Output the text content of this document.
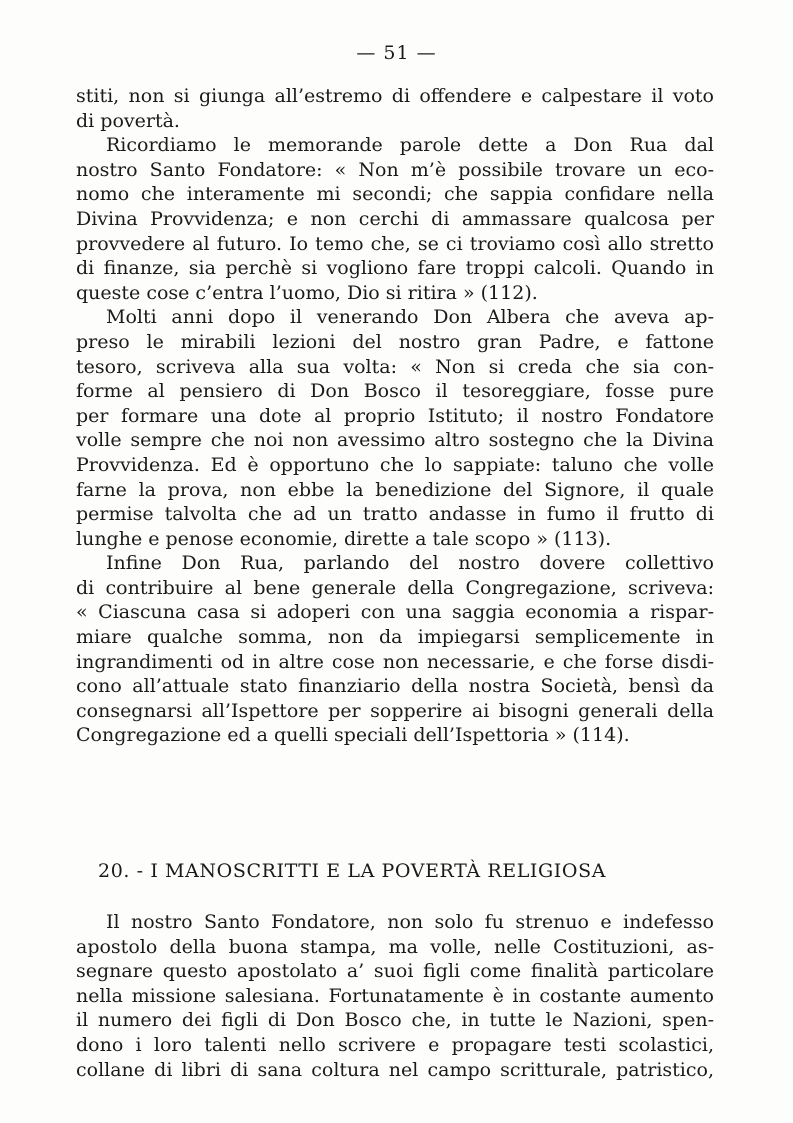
— 51 —
stiti, non si giunga all’estremo di offendere e calpestare il voto
di povertà.
Ricordiamo le memorande parole dette a Don Rua dal
nostro Santo Fondatore: « Non m’è possibile trovare un eco-
nomo che interamente mi secondi; che sappia confidare nella
Divina Provvidenza; e non cerchi di ammassare qualcosa per
provvedere al futuro. Io temo che, se ci troviamo così allo stretto
di finanze, sia perchè si vogliono fare troppi calcoli. Quando in
queste cose c’entra l’uomo, Dio si ritira » (112).
Molti anni dopo il venerando Don Albera che aveva ap-
preso le mirabili lezioni del nostro gran Padre, e fattone
tesoro, scriveva alla sua volta: « Non si creda che sia con-
forme al pensiero di Don Bosco il tesoreggiare, fosse pure
per formare una dote al proprio Istituto; il nostro Fondatore
volle sempre che noi non avessimo altro sostegno che la Divina
Provvidenza. Ed è opportuno che lo sappiate: taluno che volle
farne la prova, non ebbe la benedizione del Signore, il quale
permise talvolta che ad un tratto andasse in fumo il frutto di
lunghe e penose economie, dirette a tale scopo » (113).
Infine Don Rua, parlando del nostro dovere collettivo
di contribuire al bene generale della Congregazione, scriveva:
« Ciascuna casa si adoperi con una saggia economia a rispar-
miare qualche somma, non da impiegarsi semplicemente in
ingrandimenti od in altre cose non necessarie, e che forse disdi-
cono all’attuale stato finanziario della nostra Società, bensì da
consegnarsi all’Ispettore per sopperire ai bisogni generali della
Congregazione ed a quelli speciali dell’Ispettoria » (114).
20. - I MANOSCRITTI E LA POVERTÀ RELIGIOSA
Il nostro Santo Fondatore, non solo fu strenuo e indefesso
apostolo della buona stampa, ma volle, nelle Costituzioni, as-
segnare questo apostolato a’ suoi figli come finalità particolare
nella missione salesiana. Fortunatamente è in costante aumento
il numero dei figli di Don Bosco che, in tutte le Nazioni, spen-
dono i loro talenti nello scrivere e propagare testi scolastici,
collane di libri di sana coltura nel campo scritturale, patristico,
